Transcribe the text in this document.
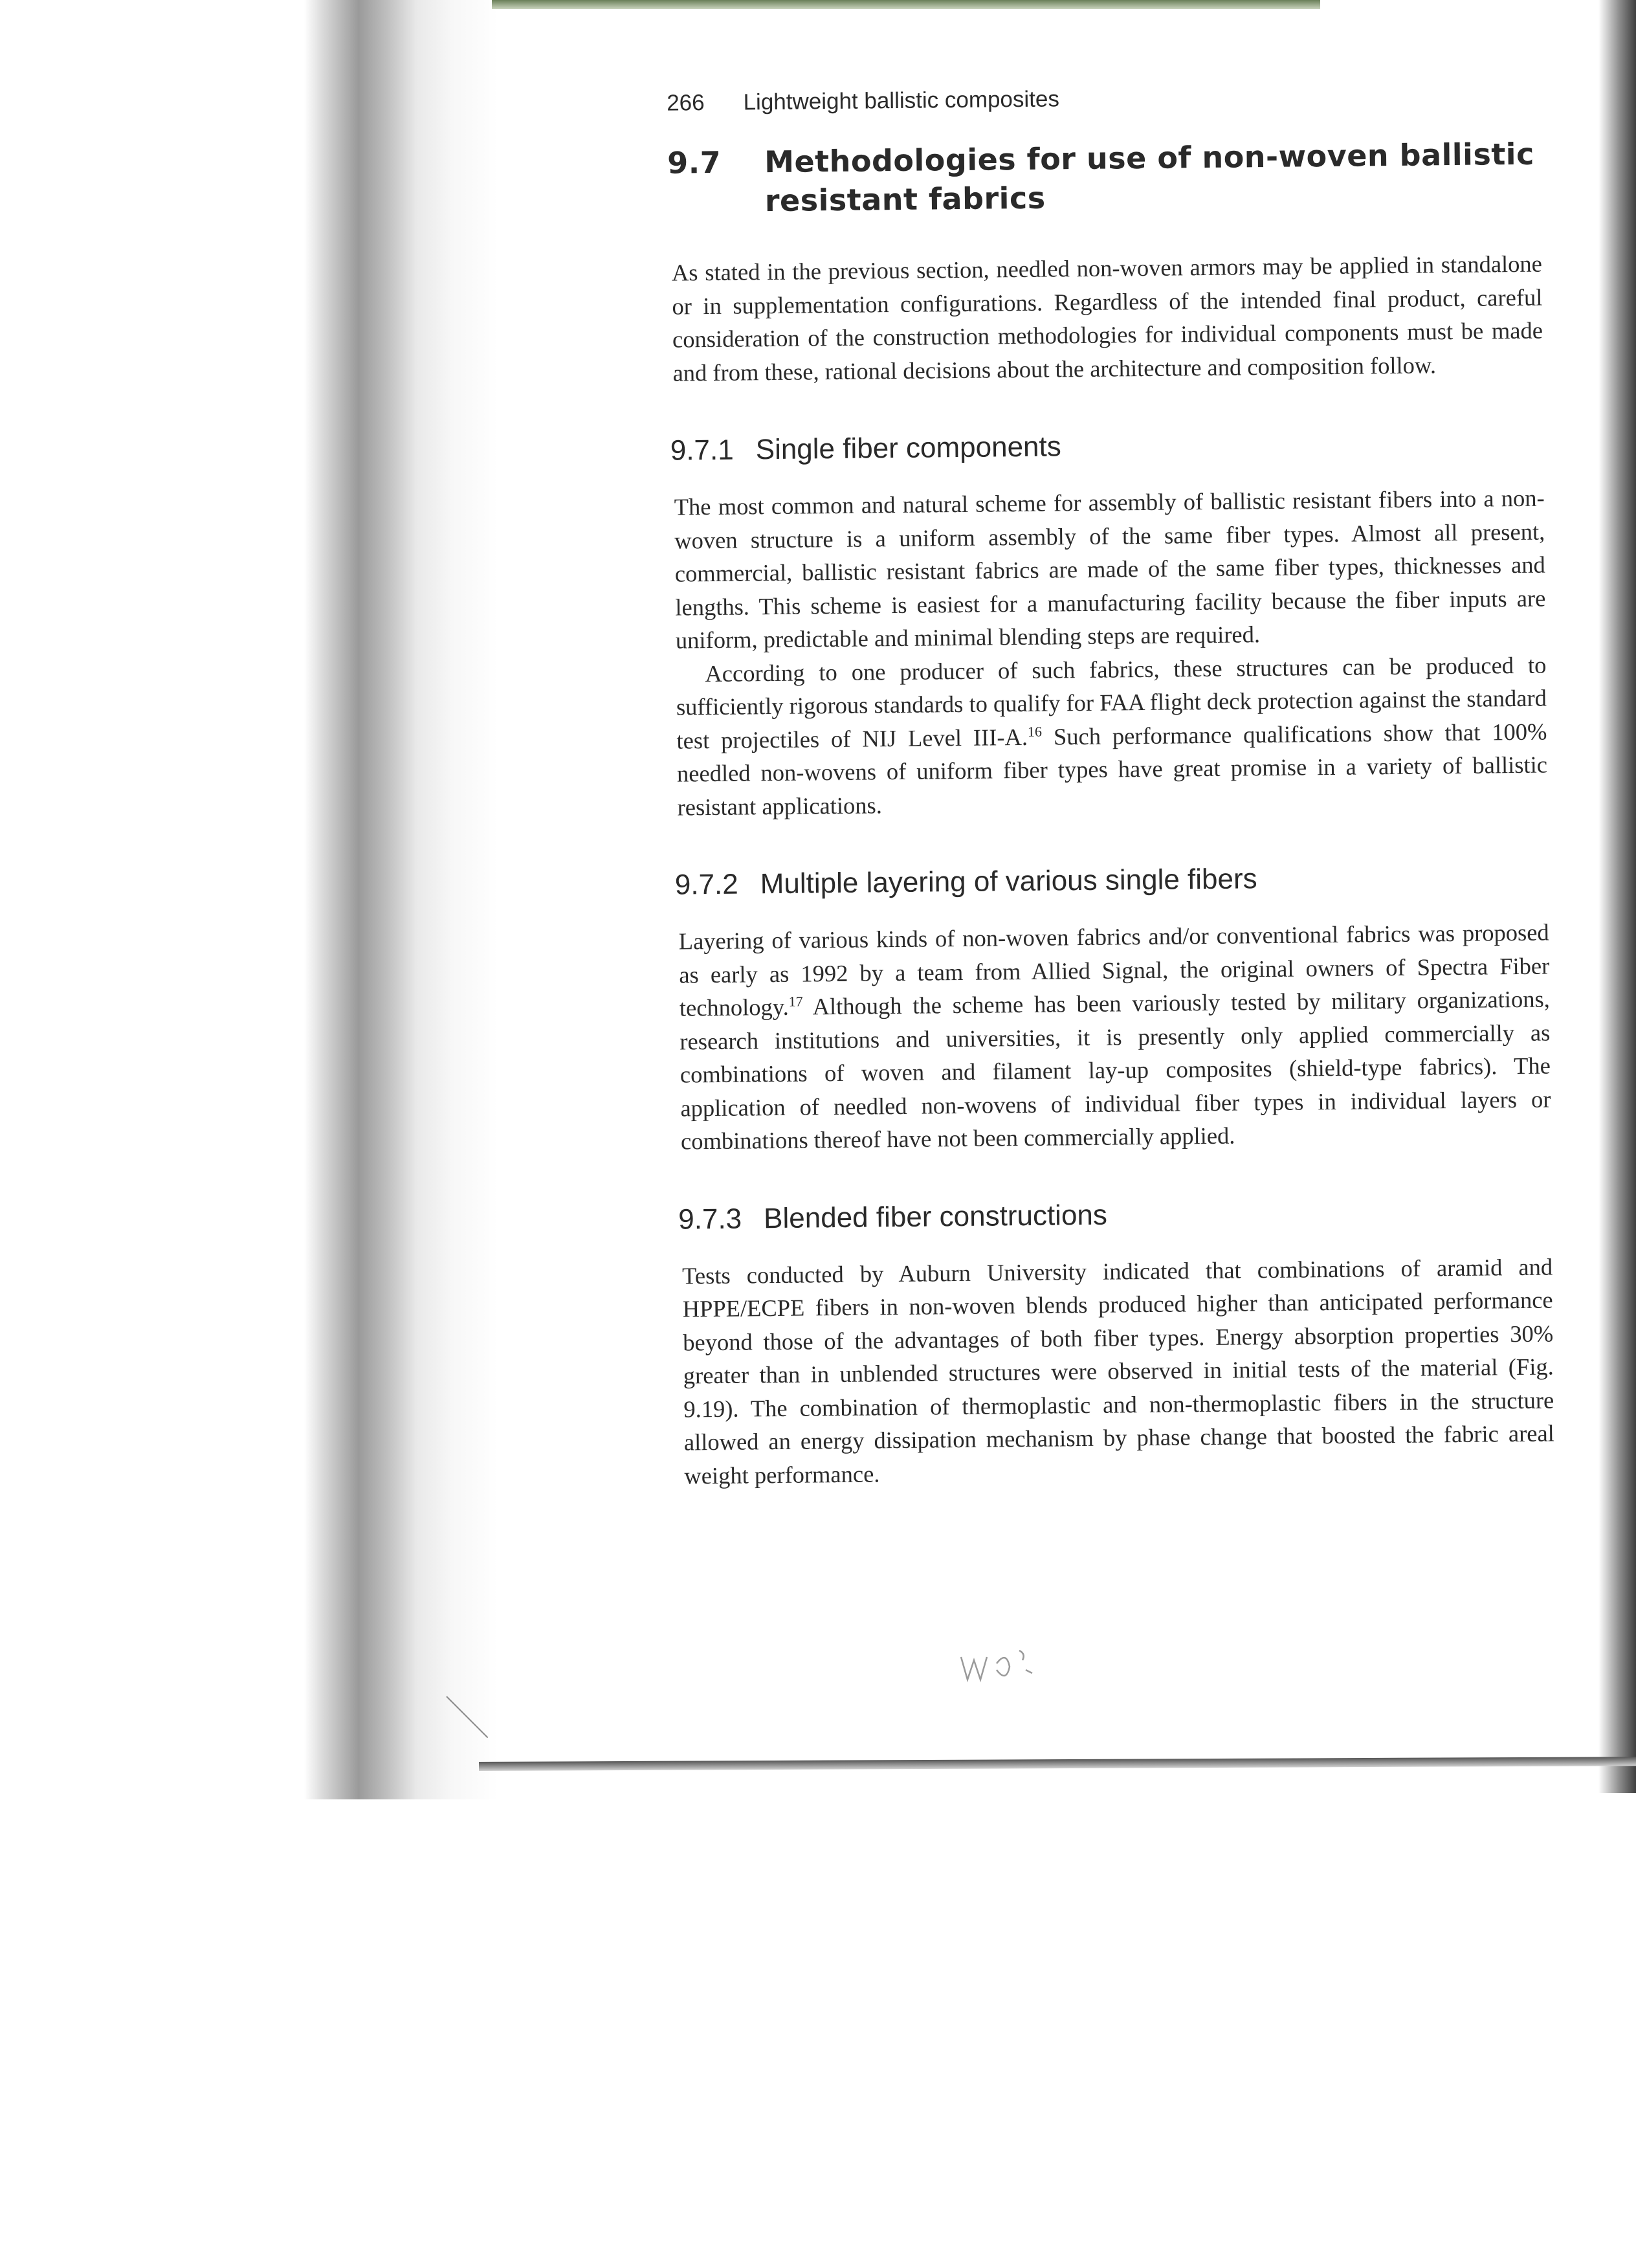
266 Lightweight ballistic composites
9.7	Methodologies for use of non-woven ballistic
resistant fabrics

As stated in the previous section, needled non-woven armors may be applied in standalone or in supplementation configurations. Regardless of the intended final product, careful consideration of the construction methodologies for individual components must be made and from these, rational decisions about the architecture and composition follow.

9.7.1 Single fiber components

The most common and natural scheme for assembly of ballistic resistant fibers into a non-woven structure is a uniform assembly of the same fiber types. Almost all present, commercial, ballistic resistant fabrics are made of the same fiber types, thicknesses and lengths. This scheme is easiest for a manufacturing facility because the fiber inputs are uniform, predictable and minimal blending steps are required.

According to one producer of such fabrics, these structures can be produced to sufficiently rigorous standards to qualify for FAA flight deck protection against the standard test projectiles of NIJ Level III-A.$^{16}$ Such performance qualifications show that 100% needled non-wovens of uniform fiber types have great promise in a variety of ballistic resistant applications.

9.7.2 Multiple layering of various single fibers

Layering of various kinds of non-woven fabrics and/or conventional fabrics was proposed as early as 1992 by a team from Allied Signal, the original owners of Spectra Fiber technology.$^{17}$ Although the scheme has been variously tested by military organizations, research institutions and universities, it is presently only applied commercially as combinations of woven and filament lay-up composites (shield-type fabrics). The application of needled non-wovens of individual fiber types in individual layers or combinations thereof have not been commercially applied.

9.7.3 Blended fiber constructions

Tests conducted by Auburn University indicated that combinations of aramid and HPPE/ECPE fibers in non-woven blends produced higher than anticipated performance beyond those of the advantages of both fiber types. Energy absorption properties 30% greater than in unblended structures were observed in initial tests of the material (Fig. 9.19). The combination of thermoplastic and non-thermoplastic fibers in the structure allowed an energy dissipation mechanism by phase change that boosted the fabric areal weight performance.
